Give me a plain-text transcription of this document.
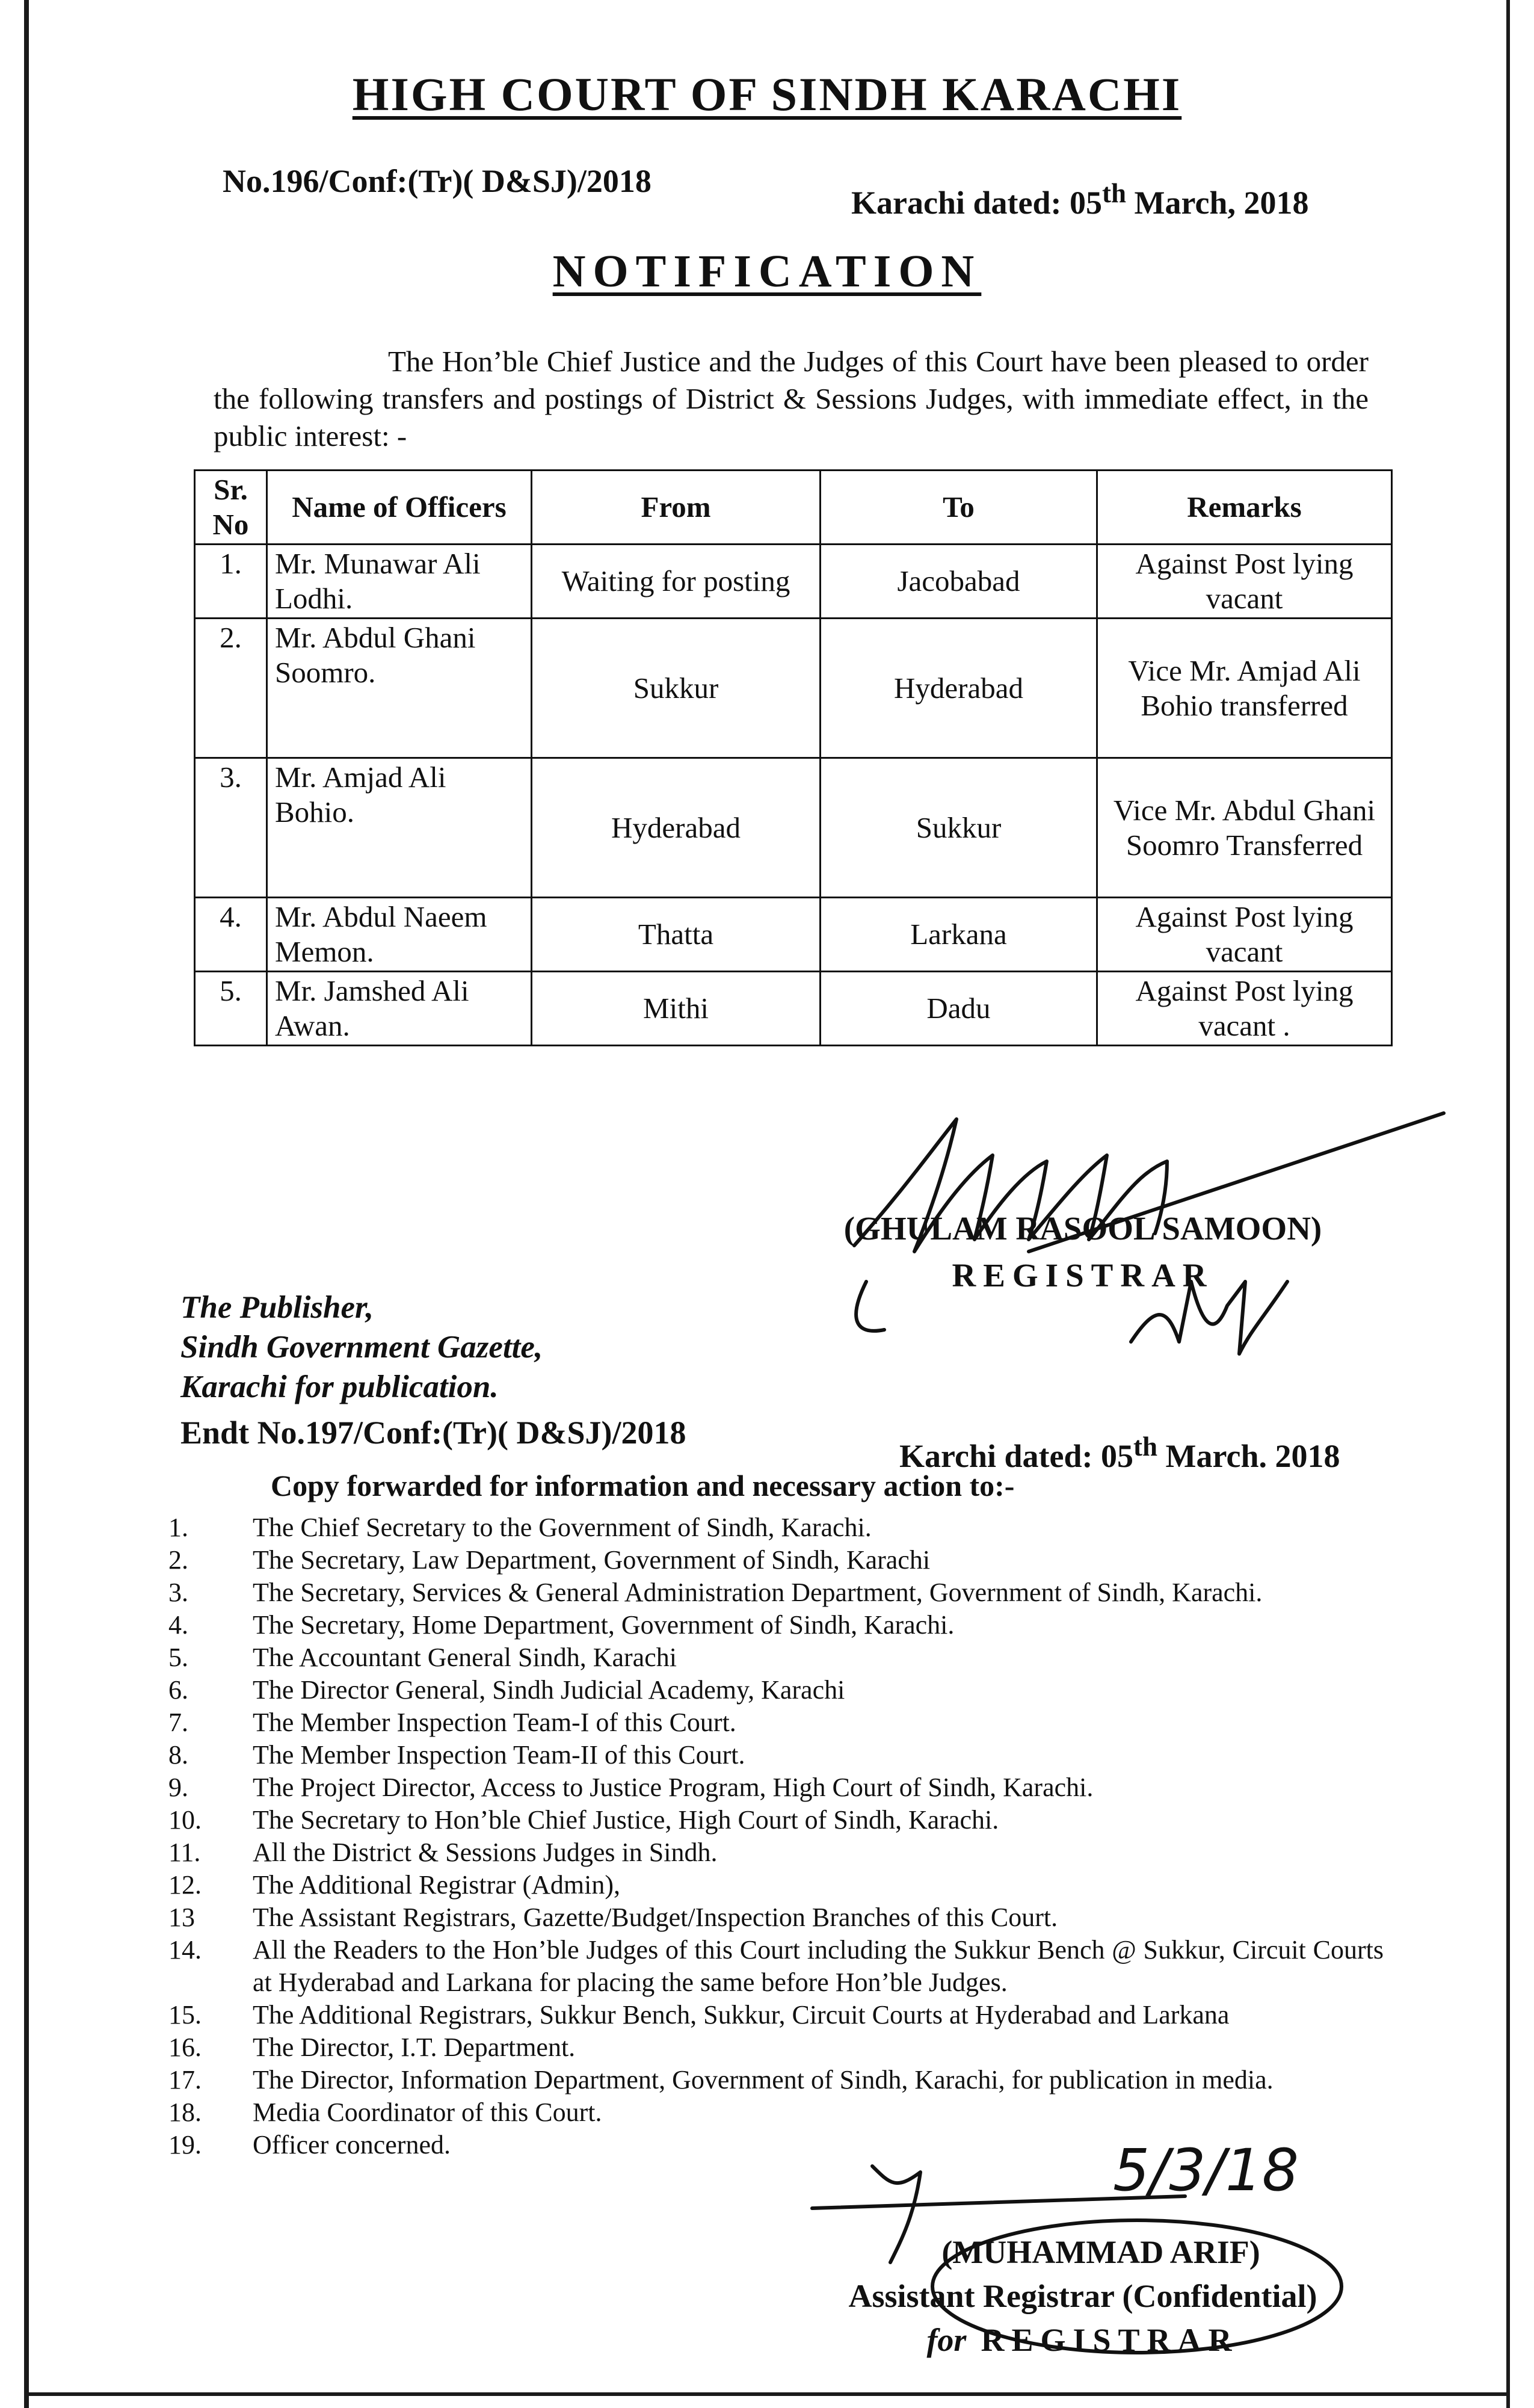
HIGH COURT OF SINDH KARACHI
No.196/Conf:(Tr)( D&SJ)/2018
Karachi dated: 05th March, 2018
NOTIFICATION
The Hon’ble Chief Justice and the Judges of this Court have been pleased to order the following transfers and postings of District & Sessions Judges, with immediate effect, in the public interest: -
Sr. No	Name of Officers	From	To	Remarks
1.	Mr. Munawar Ali Lodhi.	Waiting for posting	Jacobabad	Against Post lying vacant
2.	Mr. Abdul Ghani Soomro.	Sukkur	Hyderabad	Vice Mr. Amjad Ali Bohio transferred
3.	Mr. Amjad Ali Bohio.	Hyderabad	Sukkur	Vice Mr. Abdul Ghani Soomro Transferred
4.	Mr. Abdul Naeem Memon.	Thatta	Larkana	Against Post lying vacant
5.	Mr. Jamshed Ali Awan.	Mithi	Dadu	Against Post lying vacant .
5/3/18
(GHULAM RASOOL SAMOON)
REGISTRAR
The Publisher,
Sindh Government Gazette,
Karachi for publication.
Endt No.197/Conf:(Tr)( D&SJ)/2018
Karchi dated: 05th March. 2018
Copy forwarded for information and necessary action to:-
1.	The Chief Secretary to the Government of Sindh, Karachi.
2.	The Secretary, Law Department, Government of Sindh, Karachi
3.	The Secretary, Services & General Administration Department, Government of Sindh, Karachi.
4.	The Secretary, Home Department, Government of Sindh, Karachi.
5.	The Accountant General Sindh, Karachi
6.	The Director General, Sindh Judicial Academy, Karachi
7.	The Member Inspection Team-I of this Court.
8.	The Member Inspection Team-II of this Court.
9.	The Project Director, Access to Justice Program, High Court of Sindh, Karachi.
10.	The Secretary to Hon’ble Chief Justice, High Court of Sindh, Karachi.
11.	All the District & Sessions Judges in Sindh.
12.	The Additional Registrar (Admin),
13	The Assistant Registrars, Gazette/Budget/Inspection Branches of this Court.
14.	All the Readers to the Hon’ble Judges of this Court including the Sukkur Bench @ Sukkur, Circuit Courts at Hyderabad and Larkana for placing the same before Hon’ble Judges.
15.	The Additional Registrars, Sukkur Bench, Sukkur, Circuit Courts at Hyderabad and Larkana
16.	The Director, I.T. Department.
17.	The Director, Information Department, Government of Sindh, Karachi, for publication in media.
18.	Media Coordinator of this Court.
19.	Officer concerned.	5/3/18
(MUHAMMAD ARIF)
Assistant Registrar (Confidential)
for REGISTRAR
